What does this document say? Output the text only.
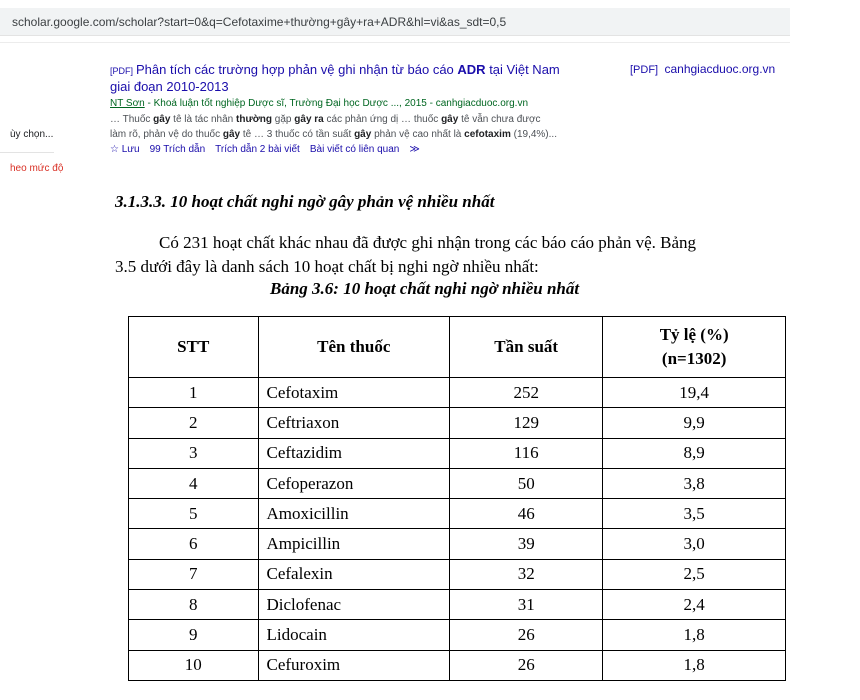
scholar.google.com/scholar?start=0&q=Cefotaxime+thường+gây+ra+ADR&hl=vi&as_sdt=0,5
ùy chọn...
heo mức độ
[PDF] Phân tích các trường hợp phản vệ ghi nhận từ báo cáo ADR tại Việt Nam giai đoạn 2010-2013
[PDF] canhgiacduoc.org.vn
NT Sơn - Khoá luận tốt nghiệp Dược sĩ, Trường Đại học Dược ..., 2015 - canhgiacduoc.org.vn
… Thuốc gây tê là tác nhân thường gặp gây ra các phản ứng dị … thuốc gây tê vẫn chưa được
làm rõ, phản vệ do thuốc gây tê … 3 thuốc có tần suất gây phản vệ cao nhất là cefotaxim (19,4%)...
☆ Lưu 99 Trích dẫn Trích dẫn 2 bài viết Bài viết có liên quan ≫
3.1.3.3. 10 hoạt chất nghi ngờ gây phản vệ nhiều nhất
Có 231 hoạt chất khác nhau đã được ghi nhận trong các báo cáo phản vệ. Bảng
3.5 dưới đây là danh sách 10 hoạt chất bị nghi ngờ nhiều nhất:
Bảng 3.6: 10 hoạt chất nghi ngờ nhiều nhất
STT	Tên thuốc	Tần suất	Tỷ lệ (%)
(n=1302)

1	Cefotaxim	252	19,4
2	Ceftriaxon	129	9,9
3	Ceftazidim	116	8,9
4	Cefoperazon	50	3,8
5	Amoxicillin	46	3,5
6	Ampicillin	39	3,0
7	Cefalexin	32	2,5
8	Diclofenac	31	2,4
9	Lidocain	26	1,8
10	Cefuroxim	26	1,8
